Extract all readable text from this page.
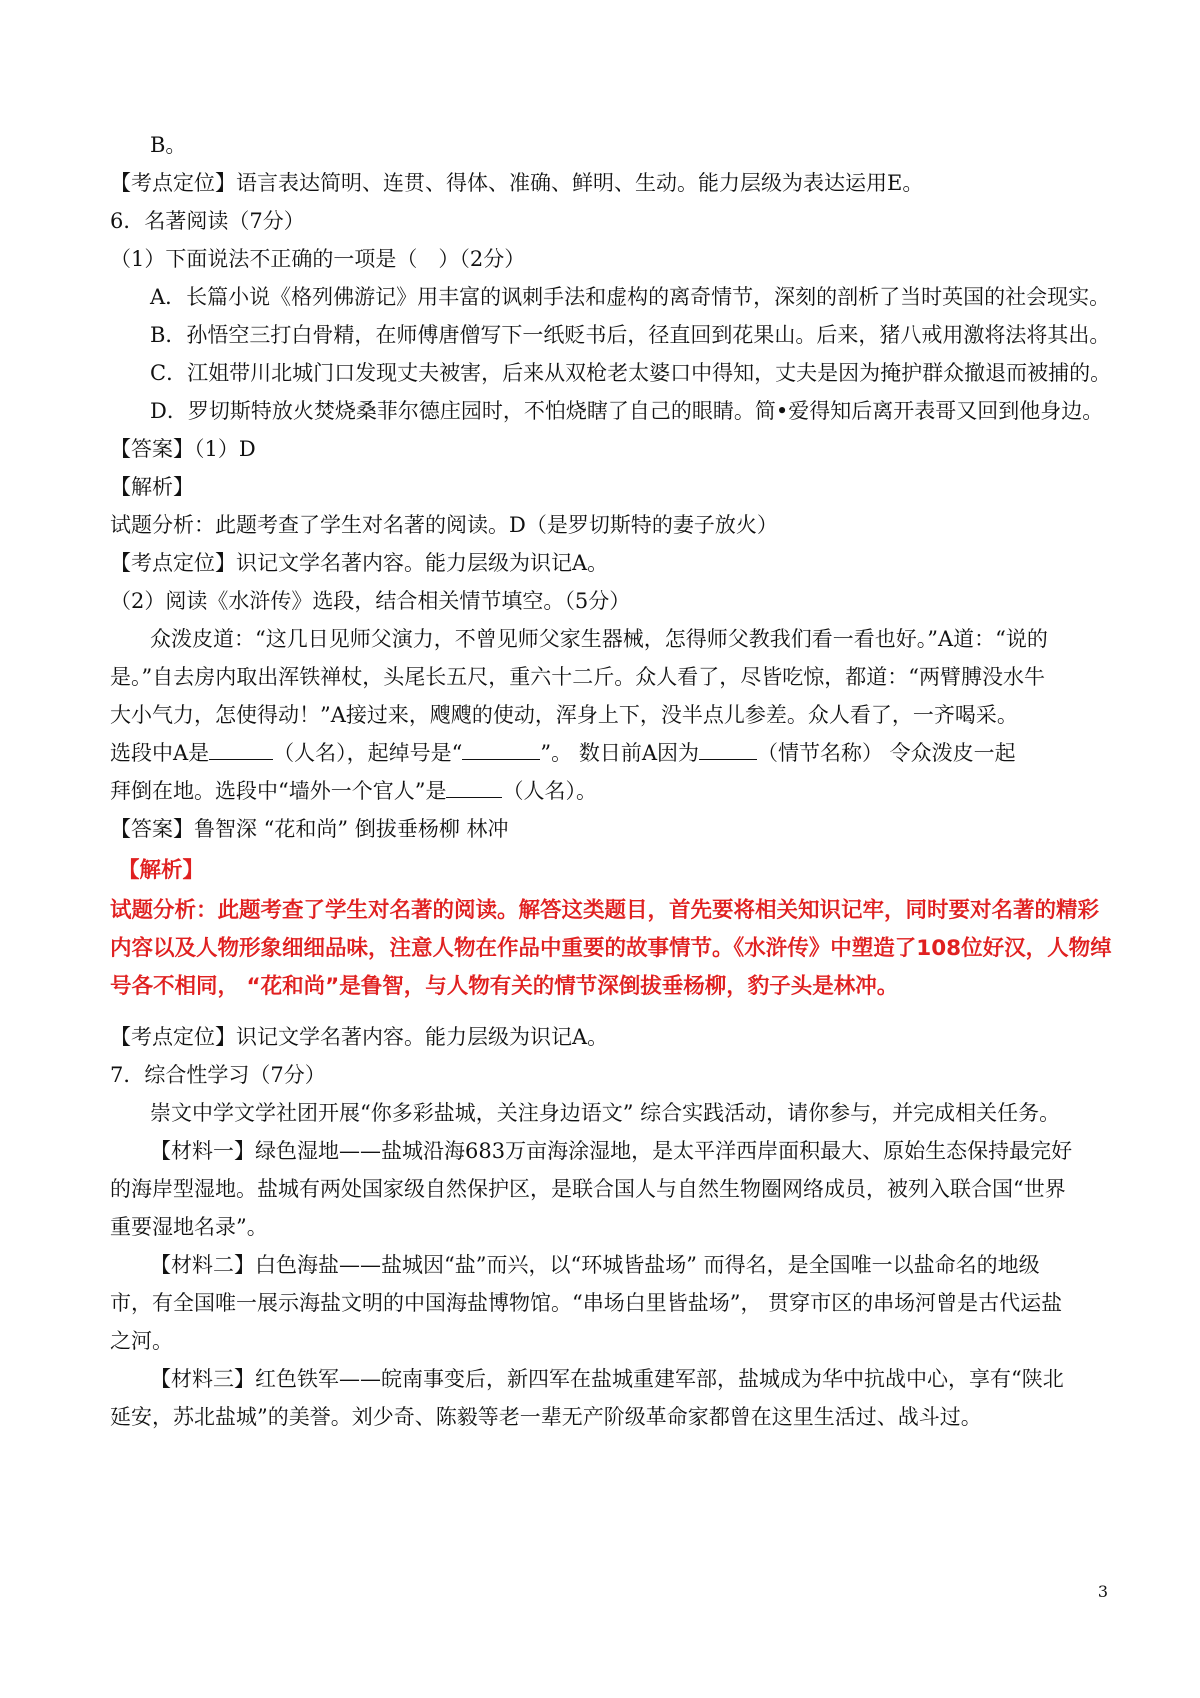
B。
【考点定位】语言表达简明、连贯、得体、准确、鲜明、生动。能力层级为表达运用E。
6．名著阅读（7分）
（1）下面说法不正确的一项是（　）（2分）
A．长篇小说《格列佛游记》用丰富的讽刺手法和虚构的离奇情节，深刻的剖析了当时英国的社会现实。
B．孙悟空三打白骨精，在师傅唐僧写下一纸贬书后，径直回到花果山。后来，猪八戒用激将法将其出。
C．江姐带川北城门口发现丈夫被害，后来从双枪老太婆口中得知，丈夫是因为掩护群众撤退而被捕的。
D．罗切斯特放火焚烧桑菲尔德庄园时，不怕烧瞎了自己的眼睛。简•爱得知后离开表哥又回到他身边。
【答案】（1）D
【解析】
试题分析：此题考查了学生对名著的阅读。D（是罗切斯特的妻子放火）
【考点定位】识记文学名著内容。能力层级为识记A。
（2）阅读《水浒传》选段，结合相关情节填空。（5分）
众泼皮道：“这几日见师父演力，不曾见师父家生器械，怎得师父教我们看一看也好。”A道：“说的
是。”自去房内取出浑铁禅杖，头尾长五尺，重六十二斤。众人看了，尽皆吃惊，都道：“两臂膊没水牛
大小气力，怎使得动！”A接过来，飕飕的使动，浑身上下，没半点儿参差。众人看了，一齐喝采。
选段中A是	（人名），起绰号是“	”。 数日前A因为	（情节名称） 令众泼皮一起
拜倒在地。选段中“墙外一个官人”是	（人名）。
【答案】鲁智深 “花和尚” 倒拔垂杨柳 林冲
【解析】
试题分析：此题考查了学生对名著的阅读。解答这类题目，首先要将相关知识记牢，同时要对名著的精彩
内容以及人物形象细细品味，注意人物在作品中重要的故事情节。《水浒传》中塑造了108位好汉，人物绰
号各不相同， “花和尚”是鲁智，与人物有关的情节深倒拔垂杨柳，豹子头是林冲。
【考点定位】识记文学名著内容。能力层级为识记A。
7．综合性学习（7分）
崇文中学文学社团开展“你多彩盐城，关注身边语文” 综合实践活动，请你参与，并完成相关任务。
【材料一】绿色湿地——盐城沿海683万亩海涂湿地，是太平洋西岸面积最大、原始生态保持最完好
的海岸型湿地。盐城有两处国家级自然保护区，是联合国人与自然生物圈网络成员，被列入联合国“世界
重要湿地名录”。
【材料二】白色海盐——盐城因“盐”而兴，以“环城皆盐场” 而得名，是全国唯一以盐命名的地级
市，有全国唯一展示海盐文明的中国海盐博物馆。“串场白里皆盐场”， 贯穿市区的串场河曾是古代运盐
之河。
【材料三】红色铁军——皖南事变后，新四军在盐城重建军部，盐城成为华中抗战中心，享有“陕北
延安，苏北盐城”的美誉。刘少奇、陈毅等老一辈无产阶级革命家都曾在这里生活过、战斗过。
3
